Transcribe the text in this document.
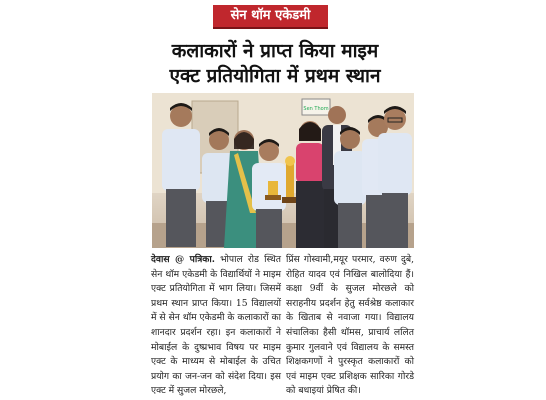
सेन थॉम एकेडमी
कलाकारों ने प्राप्त किया माइम
एक्ट प्रतियोगिता में प्रथम स्थान
Sen Thom
देवास @ पत्रिका. भोपाल रोड स्थित सेन थॉम एकेडमी के विद्यार्थियों ने माइम एक्ट प्रतियोगिता में भाग लिया। जिसमें प्रथम स्थान प्राप्त किया। 15 विद्यालयों में से सेन थॉम एकेडमी के कलाकारों का शानदार प्रदर्शन रहा। इन कलाकारों ने मोबाईल के दुष्प्रभाव विषय पर माइम एक्ट के माध्यम से मोबाईल के उचित प्रयोग का जन-जन को संदेश दिया। इस एक्ट में सुजल मोरछले,
प्रिंस गोस्वामी,मयूर परमार, वरुण दुबे, रोहित यादव एवं निखिल बालोदिया हैं। कक्षा 9वीं के सुजल मोरछले को सराहनीय प्रदर्शन हेतु सर्वश्रेष्ठ कलाकार के खिताब से नवाजा गया। विद्यालय संचालिका हैसी थॉमस, प्राचार्य ललित कुमार गुलवाने एवं विद्यालय के समस्त शिक्षकगणों ने पुरस्कृत कलाकारों को एवं माइम एक्ट प्रशिक्षक सारिका गोरडे को बधाइयां प्रेषित की।
